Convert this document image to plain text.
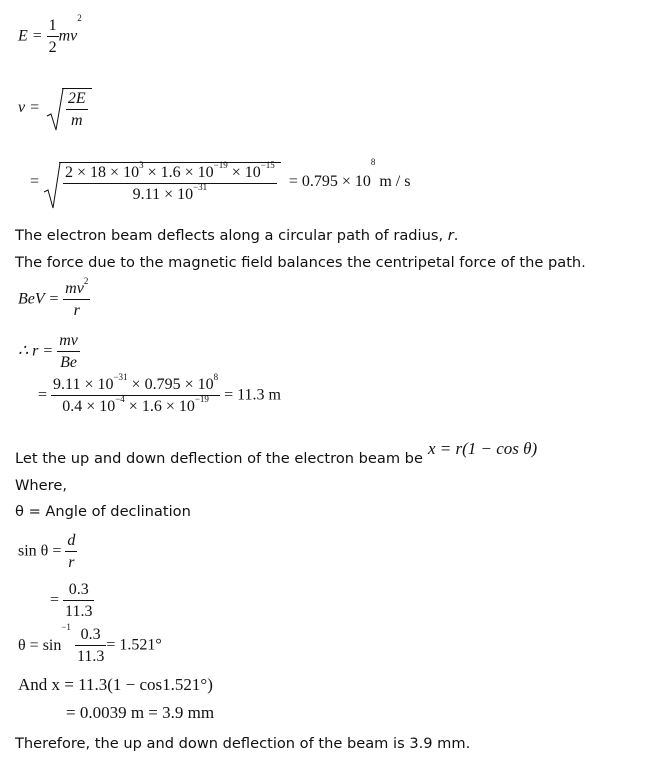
$E = \frac{1}{2} mv^2$
$v = \frac{2E}{m}$
= $\frac{2 \times 18 \times 10^3 \times 1.6 \times 10^{-19} \times 10^{-15}}{9.11 \times 10^{-31}} = 0.795 \times 10^8$ m / s
The electron beam deflects along a circular path of radius, r.
The force due to the magnetic field balances the centripetal force of the path.
BeV = $\frac{mv^2}{r}$
∴ $r = \frac{mv}{Be}$
= $\frac{9.11 \times 10^{-31} \times 0.795 \times 10^8}{0.4 \times 10^{-4} \times 1.6 \times 10^{-19}} = 11.3$ m
Let the up and down deflection of the electron beam be
x = r(1 − cos θ)
Where,
θ = Angle of declination
$\sin \theta = \frac{d}{r}$
= $\frac{0.3}{11.3}$
$\theta = \sin^{-1} \frac{0.3}{11.3} = 1.521^\circ$
And x = 11.3(1 − cos1.521°)
= 0.0039 m = 3.9 mm
Therefore, the up and down deflection of the beam is 3.9 mm.
